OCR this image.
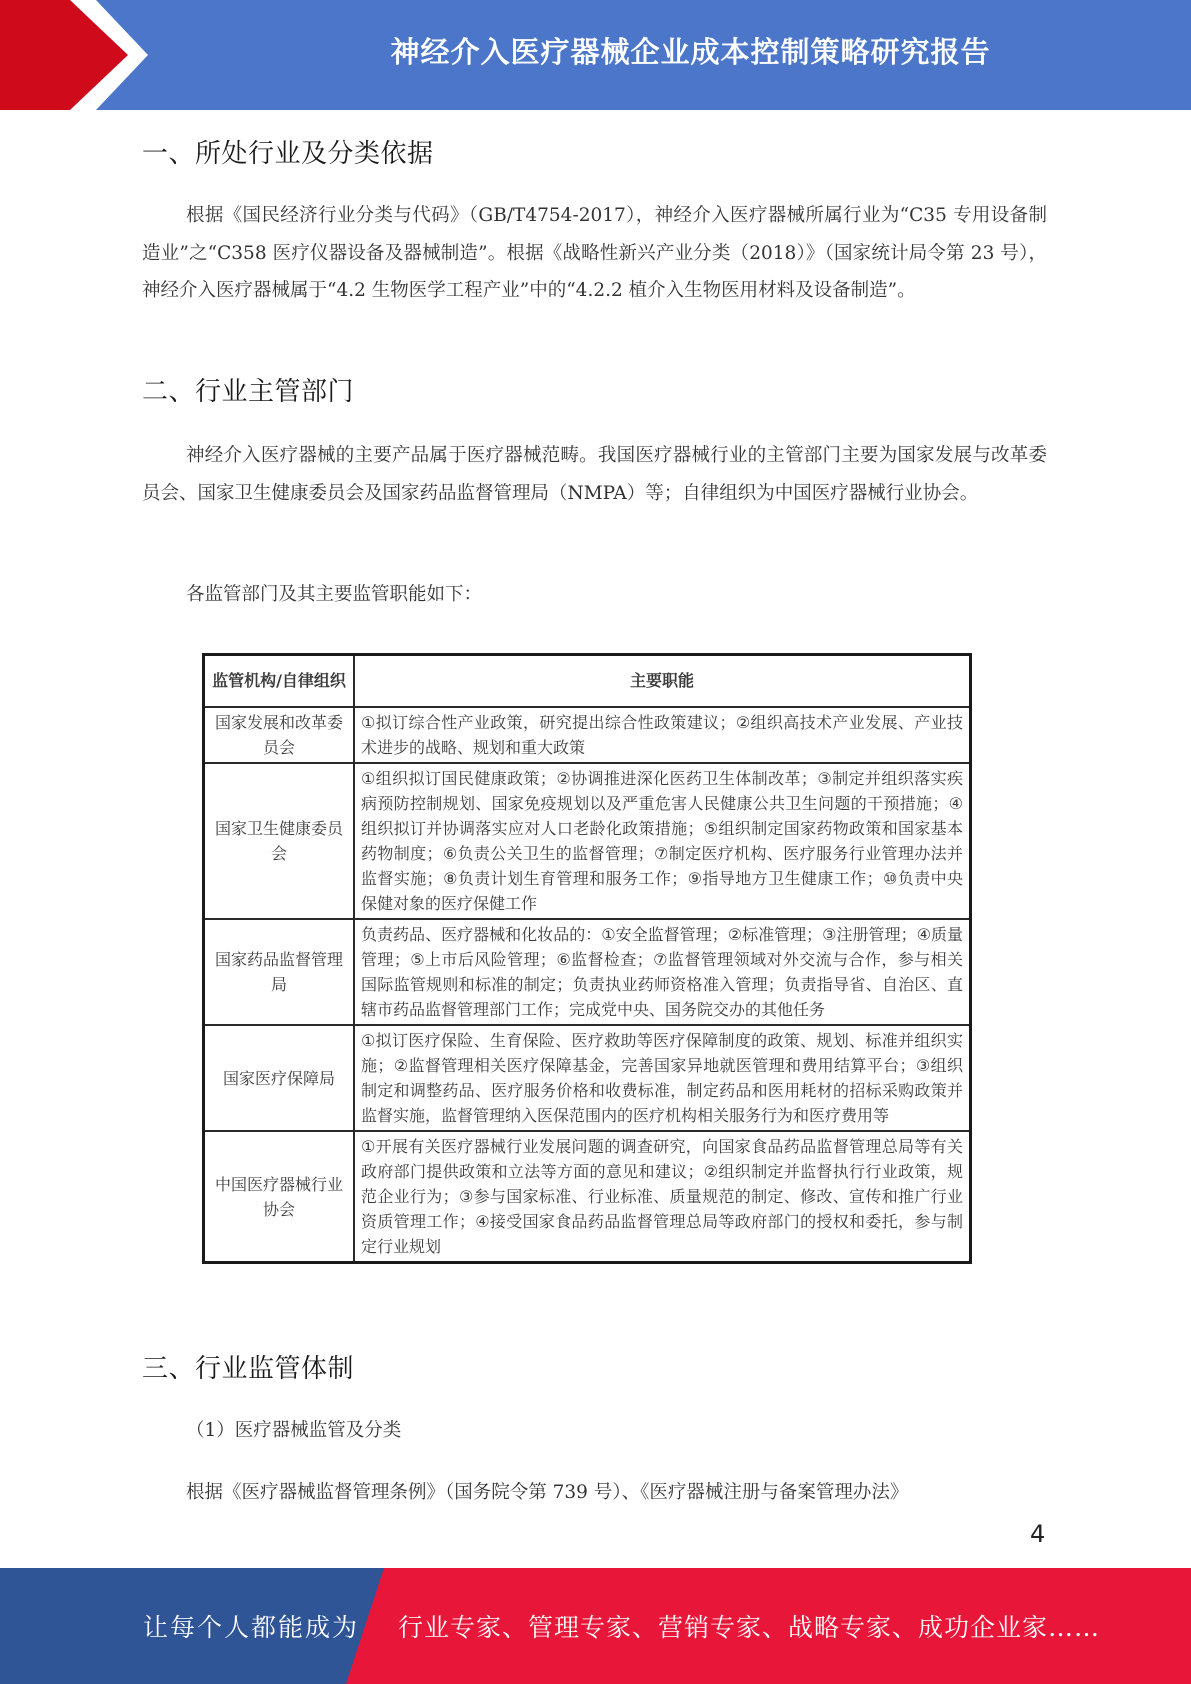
神经介入医疗器械企业成本控制策略研究报告
一、所处行业及分类依据
根据《国民经济行业分类与代码》（GB/T4754-2017），神经介入医疗器械所属行业为“C35 专用设备制造业”之“C358 医疗仪器设备及器械制造”。根据《战略性新兴产业分类（2018）》（国家统计局令第 23 号），神经介入医疗器械属于“4.2 生物医学工程产业”中的“4.2.2 植介入生物医用材料及设备制造”。
二、行业主管部门
神经介入医疗器械的主要产品属于医疗器械范畴。我国医疗器械行业的主管部门主要为国家发展与改革委员会、国家卫生健康委员会及国家药品监督管理局（NMPA）等；自律组织为中国医疗器械行业协会。
各监管部门及其主要监管职能如下：
监管机构/自律组织	主要职能
国家发展和改革委员会	①拟订综合性产业政策，研究提出综合性政策建议；②组织高技术产业发展、产业技术进步的战略、规划和重大政策
国家卫生健康委员会	①组织拟订国民健康政策；②协调推进深化医药卫生体制改革；③制定并组织落实疾病预防控制规划、国家免疫规划以及严重危害人民健康公共卫生问题的干预措施；④组织拟订并协调落实应对人口老龄化政策措施；⑤组织制定国家药物政策和国家基本药物制度；⑥负责公关卫生的监督管理；⑦制定医疗机构、医疗服务行业管理办法并监督实施；⑧负责计划生育管理和服务工作；⑨指导地方卫生健康工作；⑩负责中央保健对象的医疗保健工作
国家药品监督管理局	负责药品、医疗器械和化妆品的：①安全监督管理；②标准管理；③注册管理；④质量管理；⑤上市后风险管理；⑥监督检查；⑦监督管理领域对外交流与合作，参与相关国际监管规则和标准的制定；负责执业药师资格准入管理；负责指导省、自治区、直辖市药品监督管理部门工作；完成党中央、国务院交办的其他任务
国家医疗保障局	①拟订医疗保险、生育保险、医疗救助等医疗保障制度的政策、规划、标准并组织实施；②监督管理相关医疗保障基金，完善国家异地就医管理和费用结算平台；③组织制定和调整药品、医疗服务价格和收费标准，制定药品和医用耗材的招标采购政策并监督实施，监督管理纳入医保范围内的医疗机构相关服务行为和医疗费用等
中国医疗器械行业协会	①开展有关医疗器械行业发展问题的调查研究，向国家食品药品监督管理总局等有关政府部门提供政策和立法等方面的意见和建议；②组织制定并监督执行行业政策，规范企业行为；③参与国家标准、行业标准、质量规范的制定、修改、宣传和推广行业资质管理工作；④接受国家食品药品监督管理总局等政府部门的授权和委托，参与制定行业规划
三、行业监管体制
（1）医疗器械监管及分类
根据《医疗器械监督管理条例》（国务院令第 739 号）、《医疗器械注册与备案管理办法》
4
让每个人都能成为 行业专家、管理专家、营销专家、战略专家、成功企业家……
